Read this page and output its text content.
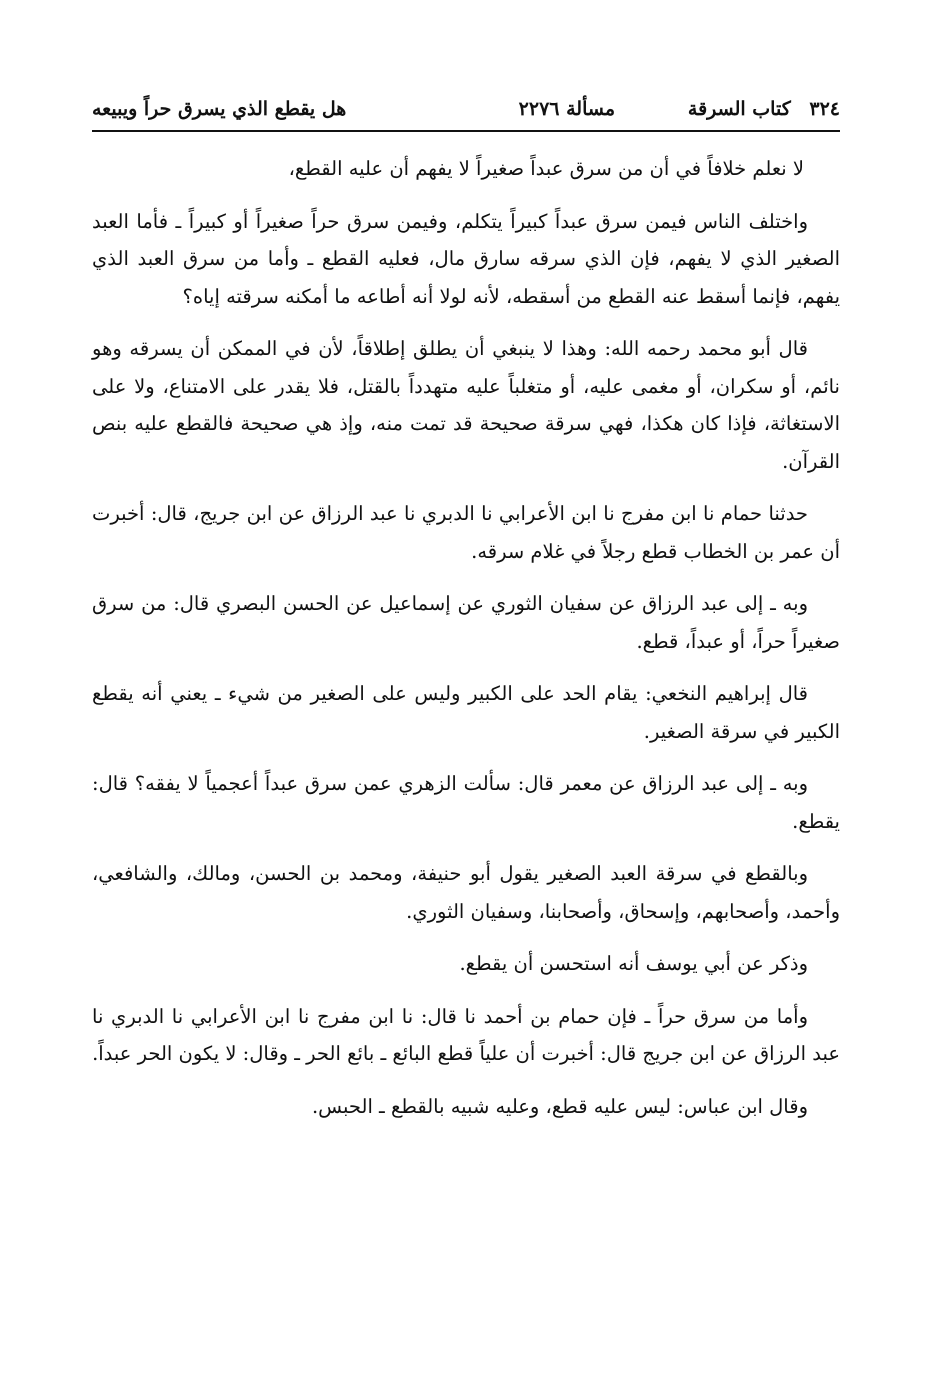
٣٢٤ كتاب السرقة
مسألة ٢٢٧٦
هل يقطع الذي يسرق حراً ويبيعه

لا نعلم خلافاً في أن من سرق عبداً صغيراً لا يفهم أن عليه القطع،

واختلف الناس فيمن سرق عبداً كبيراً يتكلم، وفيمن سرق حراً صغيراً أو كبيراً ـ فأما العبد الصغير الذي لا يفهم، فإن الذي سرقه سارق مال، فعليه القطع ـ وأما من سرق العبد الذي يفهم، فإنما أسقط عنه القطع من أسقطه، لأنه لولا أنه أطاعه ما أمكنه سرقته إياه؟

قال أبو محمد رحمه الله: وهذا لا ينبغي أن يطلق إطلاقاً، لأن في الممكن أن يسرقه وهو نائم، أو سكران، أو مغمى عليه، أو متغلباً عليه متهدداً بالقتل، فلا يقدر على الامتناع، ولا على الاستغاثة، فإذا كان هكذا، فهي سرقة صحيحة قد تمت منه، وإذ هي صحيحة فالقطع عليه بنص القرآن.

حدثنا حمام نا ابن مفرج نا ابن الأعرابي نا الدبري نا عبد الرزاق عن ابن جريج، قال: أخبرت أن عمر بن الخطاب قطع رجلاً في غلام سرقه.

وبه ـ إلى عبد الرزاق عن سفيان الثوري عن إسماعيل عن الحسن البصري قال: من سرق صغيراً حراً، أو عبداً، قطع.

قال إبراهيم النخعي: يقام الحد على الكبير وليس على الصغير من شيء ـ يعني أنه يقطع الكبير في سرقة الصغير.

وبه ـ إلى عبد الرزاق عن معمر قال: سألت الزهري عمن سرق عبداً أعجمياً لا يفقه؟ قال: يقطع.

وبالقطع في سرقة العبد الصغير يقول أبو حنيفة، ومحمد بن الحسن، ومالك، والشافعي، وأحمد، وأصحابهم، وإسحاق، وأصحابنا، وسفيان الثوري.

وذكر عن أبي يوسف أنه استحسن أن يقطع.

وأما من سرق حراً ـ فإن حمام بن أحمد نا قال: نا ابن مفرج نا ابن الأعرابي نا الدبري نا عبد الرزاق عن ابن جريج قال: أخبرت أن علياً قطع البائع ـ بائع الحر ـ وقال: لا يكون الحر عبداً.

وقال ابن عباس: ليس عليه قطع، وعليه شبيه بالقطع ـ الحبس.
